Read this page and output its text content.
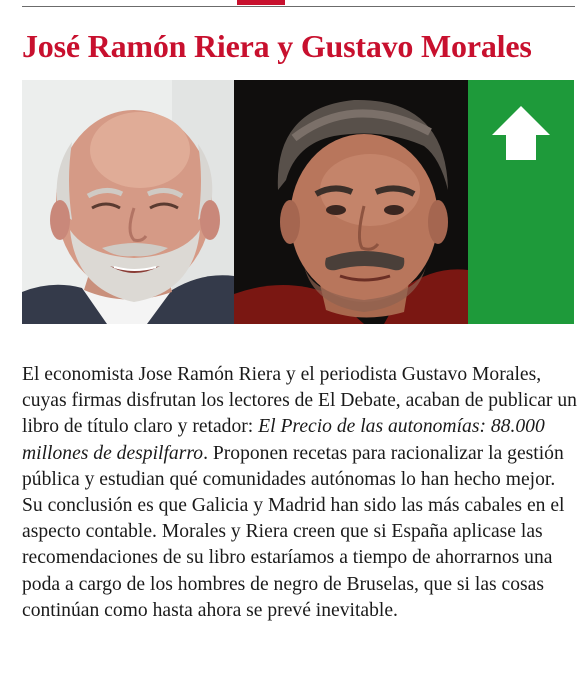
José Ramón Riera y Gustavo Morales

El economista Jose Ramón Riera y el periodista Gustavo Morales, cuyas firmas disfrutan los lectores de El Debate, acaban de publicar un libro de título claro y retador: El Precio de las autonomías: 88.000 millones de despilfarro. Proponen recetas para racionalizar la gestión pública y estudian qué comunidades autónomas lo han hecho mejor. Su conclusión es que Galicia y Madrid han sido las más cabales en el aspecto contable. Morales y Riera creen que si España aplicase las recomendaciones de su libro estaríamos a tiempo de ahorrarnos una poda a cargo de los hombres de negro de Bruselas, que si las cosas continúan como hasta ahora se prevé inevitable.
